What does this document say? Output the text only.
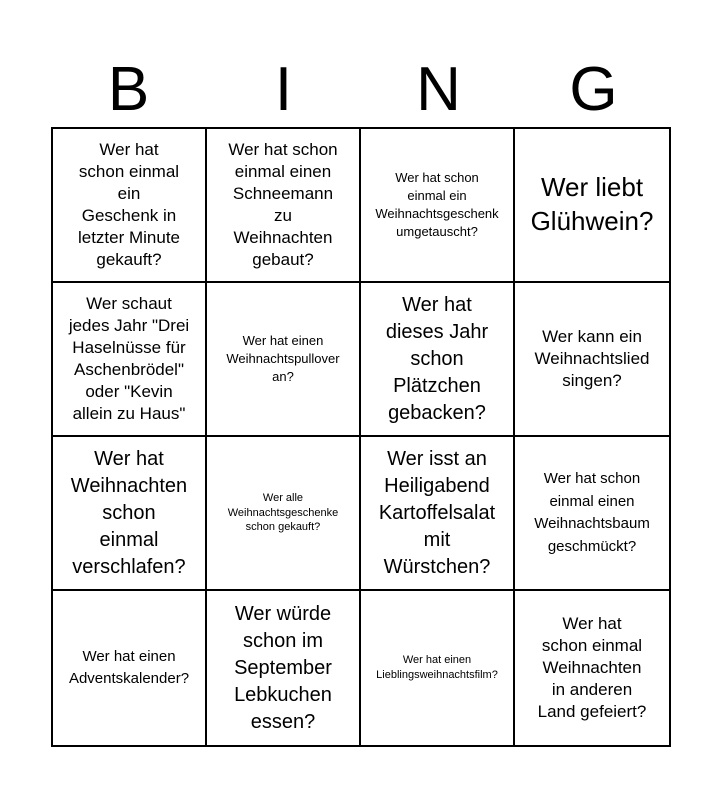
B	I	N	G
Wer hat
schon einmal
ein
Geschenk in
letzter Minute
gekauft?
Wer hat schon
einmal einen
Schneemann
zu
Weihnachten
gebaut?
Wer hat schon
einmal ein
Weihnachtsgeschenk
umgetauscht?
Wer liebt
Glühwein?
Wer schaut
jedes Jahr "Drei
Haselnüsse für
Aschenbrödel"
oder "Kevin
allein zu Haus"
Wer hat einen
Weihnachtspullover
an?
Wer hat
dieses Jahr
schon
Plätzchen
gebacken?
Wer kann ein
Weihnachtslied
singen?
Wer hat
Weihnachten
schon
einmal
verschlafen?
Wer alle
Weihnachtsgeschenke
schon gekauft?
Wer isst an
Heiligabend
Kartoffelsalat
mit
Würstchen?
Wer hat schon
einmal einen
Weihnachtsbaum
geschmückt?
Wer hat einen
Adventskalender?
Wer würde
schon im
September
Lebkuchen
essen?
Wer hat einen
Lieblingsweihnachtsfilm?
Wer hat
schon einmal
Weihnachten
in anderen
Land gefeiert?
